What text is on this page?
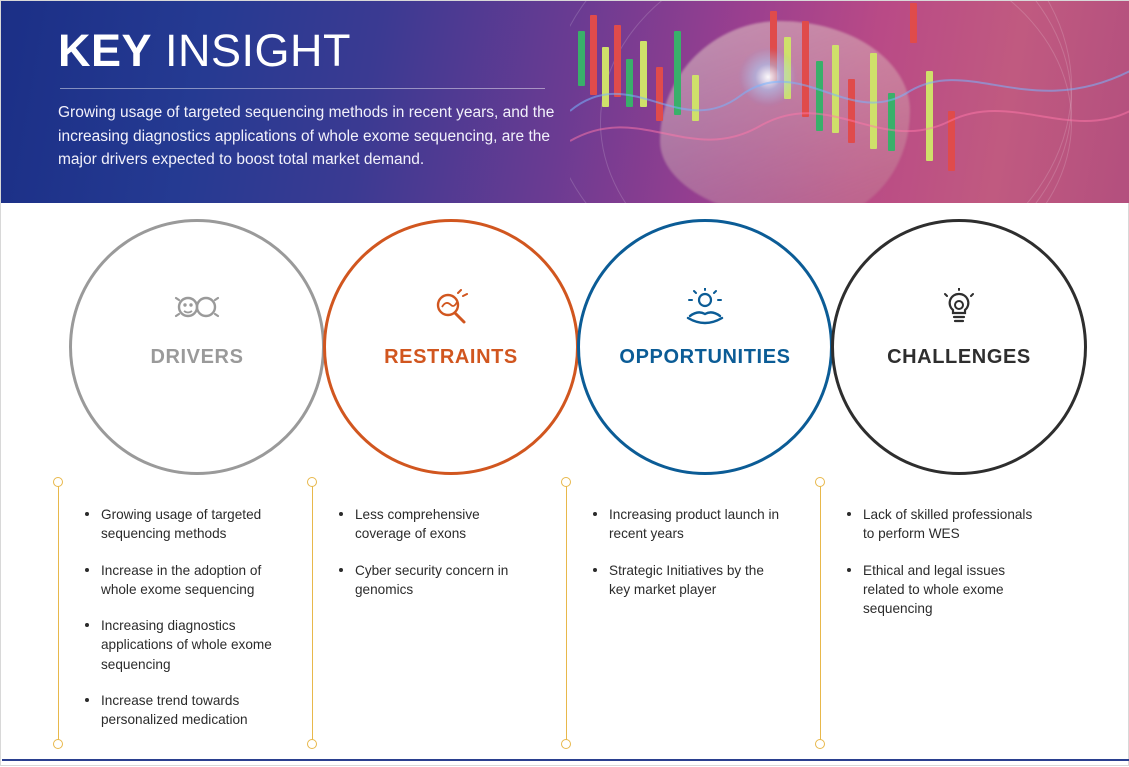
KEY INSIGHT

Growing usage of targeted sequencing methods in recent years, and the increasing diagnostics applications of whole exome sequencing, are the major drivers expected to boost total market demand.

DRIVERS	RESTRAINTS	OPPORTUNITIES	CHALLENGES
Growing usage of targeted sequencing methods
Increase in the adoption of whole exome sequencing
Increasing diagnostics applications of whole exome sequencing
Increase trend towards personalized medication
Less comprehensive coverage of exons
Cyber security concern in genomics
Increasing product launch in recent years
Strategic Initiatives by the key market player
Lack of skilled professionals to perform WES
Ethical and legal issues related to whole exome sequencing
